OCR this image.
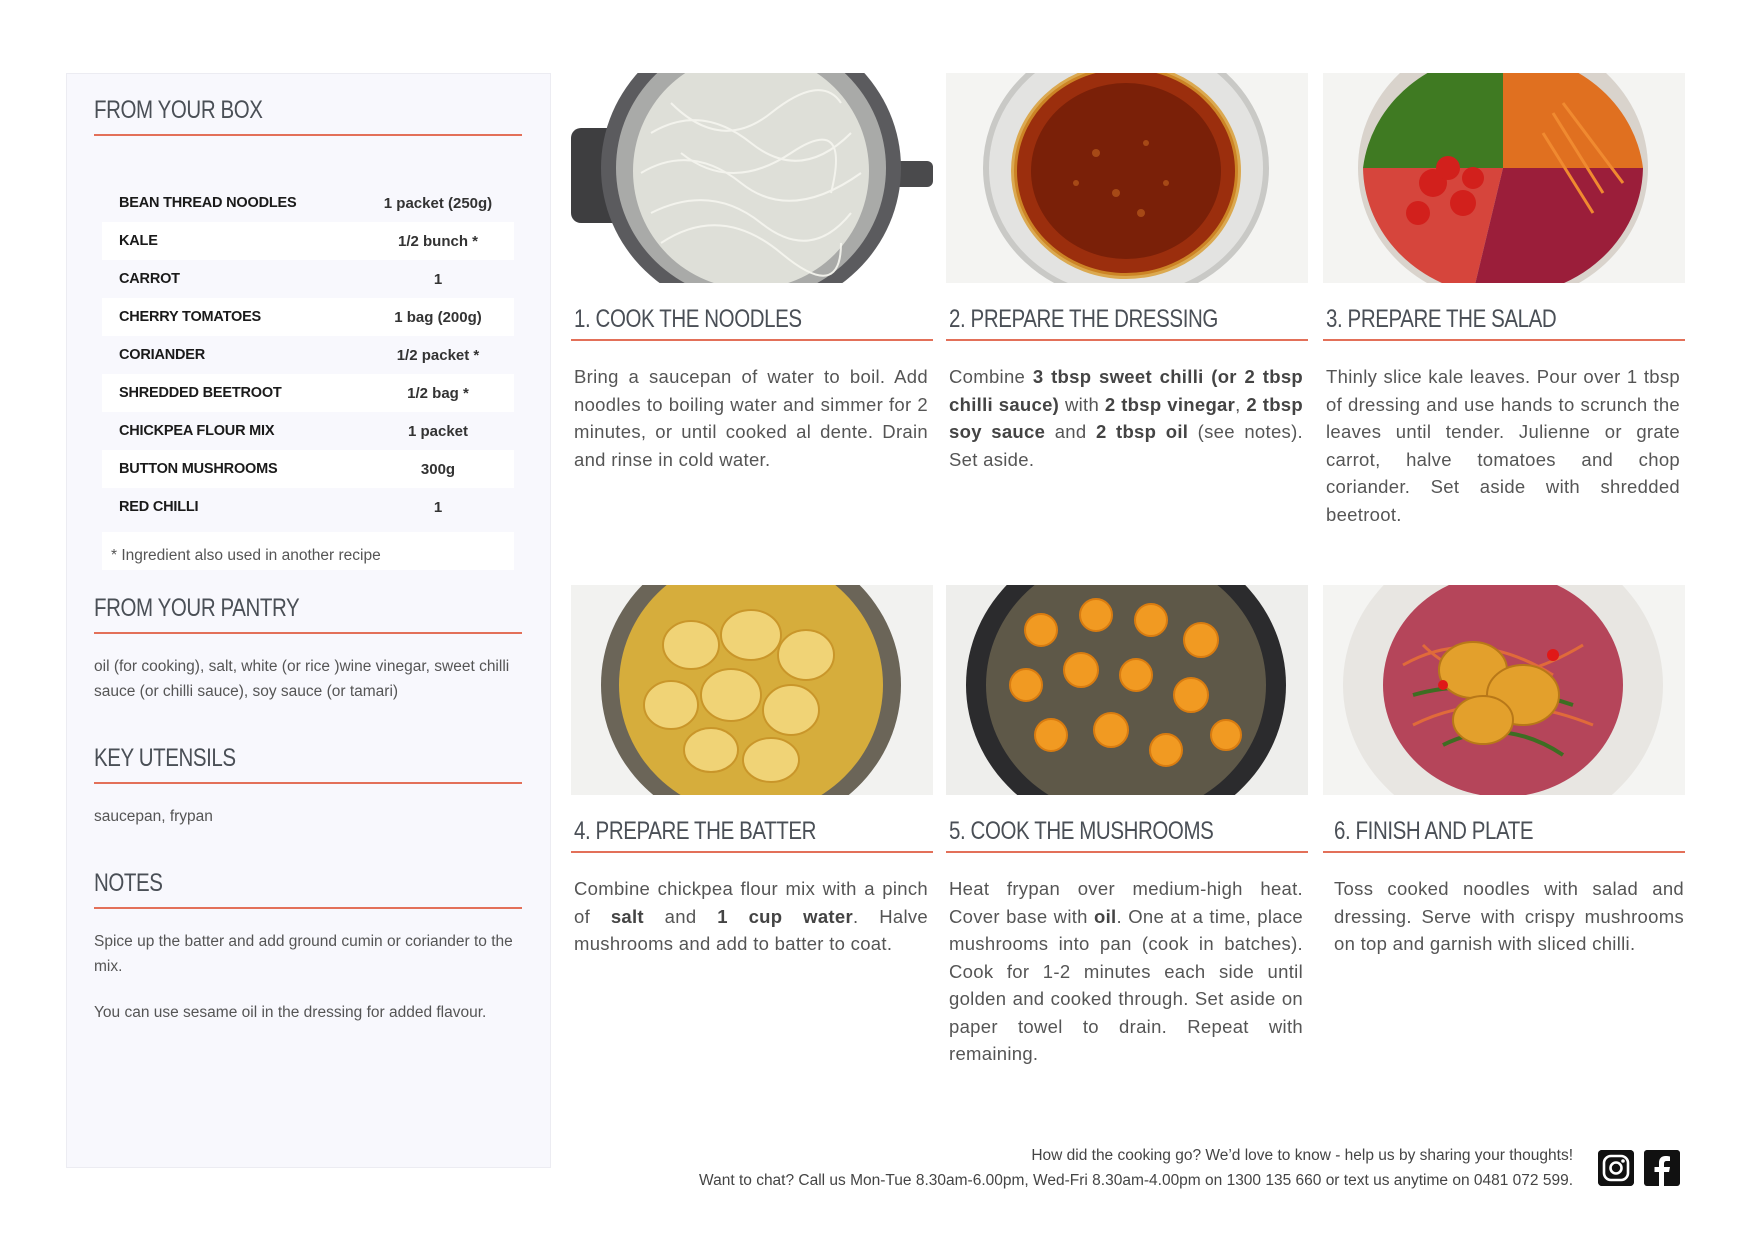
FROM YOUR BOX
BEAN THREAD NOODLES	1 packet (250g)
KALE	1/2 bunch *
CARROT	1
CHERRY TOMATOES	1 bag (200g)
CORIANDER	1/2 packet *
SHREDDED BEETROOT	1/2 bag *
CHICKPEA FLOUR MIX	1 packet
BUTTON MUSHROOMS	300g
RED CHILLI	1
* Ingredient also used in another recipe
FROM YOUR PANTRY
oil (for cooking), salt, white (or rice )wine vinegar, sweet chilli sauce (or chilli sauce), soy sauce (or tamari)
KEY UTENSILS
saucepan, frypan
NOTES
Spice up the batter and add ground cumin or coriander to the mix.
You can use sesame oil in the dressing for added flavour.
1. COOK THE NOODLES
Bring a saucepan of water to boil. Add noodles to boiling water and simmer for 2 minutes, or until cooked al dente. Drain and rinse in cold water.
2. PREPARE THE DRESSING
Combine 3 tbsp sweet chilli (or 2 tbsp chilli sauce) with 2 tbsp vinegar, 2 tbsp soy sauce and 2 tbsp oil (see notes). Set aside.
3. PREPARE THE SALAD
Thinly slice kale leaves. Pour over 1 tbsp of dressing and use hands to scrunch the leaves until tender. Julienne or grate carrot, halve tomatoes and chop coriander. Set aside with shredded beetroot.
4. PREPARE THE BATTER
Combine chickpea flour mix with a pinch of salt and 1 cup water. Halve mushrooms and add to batter to coat.
5. COOK THE MUSHROOMS
Heat frypan over medium-high heat. Cover base with oil. One at a time, place mushrooms into pan (cook in batches). Cook for 1-2 minutes each side until golden and cooked through. Set aside on paper towel to drain. Repeat with remaining.
6. FINISH AND PLATE
Toss cooked noodles with salad and dressing. Serve with crispy mushrooms on top and garnish with sliced chilli.
How did the cooking go? We’d love to know - help us by sharing your thoughts!
Want to chat? Call us Mon-Tue 8.30am-6.00pm, Wed-Fri 8.30am-4.00pm on 1300 135 660 or text us anytime on 0481 072 599.
